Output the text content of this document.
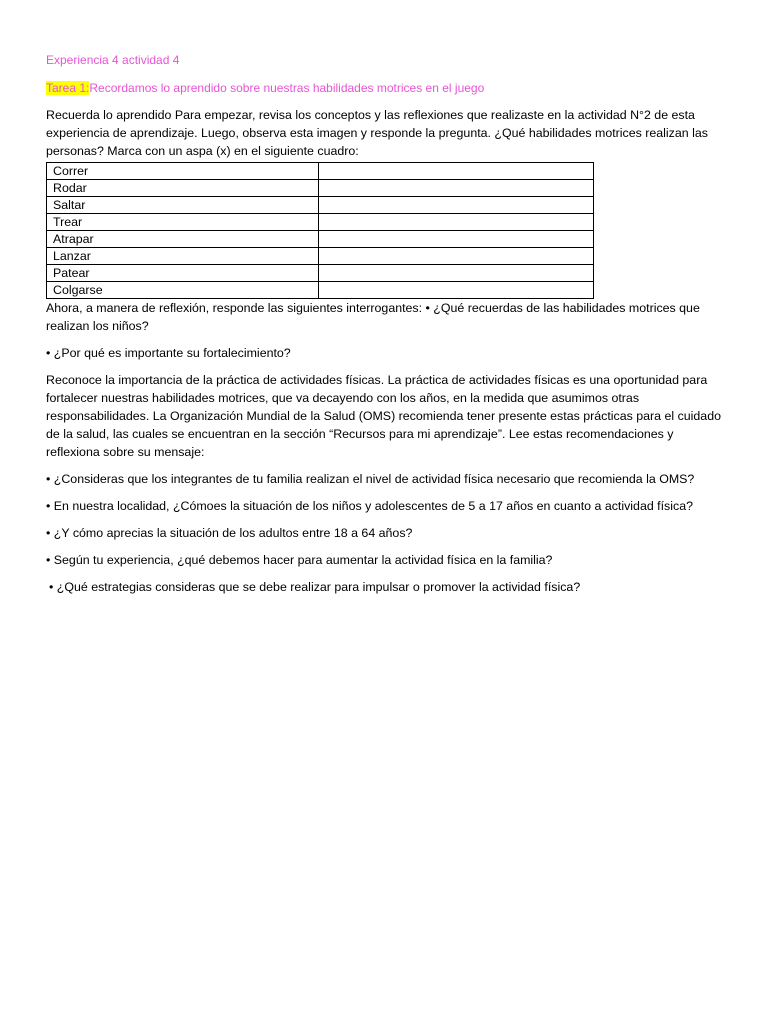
Experiencia 4 actividad 4

Tarea 1:Recordamos lo aprendido sobre nuestras habilidades motrices en el juego

Recuerda lo aprendido Para empezar, revisa los conceptos y las reflexiones que realizaste en la actividad N°2 de esta experiencia de aprendizaje. Luego, observa esta imagen y responde la pregunta. ¿Qué habilidades motrices realizan las personas? Marca con un aspa (x) en el siguiente cuadro:

Correr	
Rodar	
Saltar	
Trear	
Atrapar	
Lanzar	
Patear	
Colgarse	

Ahora, a manera de reflexión, responde las siguientes interrogantes: • ¿Qué recuerdas de las habilidades motrices que realizan los niños?

• ¿Por qué es importante su fortalecimiento?

Reconoce la importancia de la práctica de actividades físicas. La práctica de actividades físicas es una oportunidad para fortalecer nuestras habilidades motrices, que va decayendo con los años, en la medida que asumimos otras responsabilidades. La Organización Mundial de la Salud (OMS) recomienda tener presente estas prácticas para el cuidado de la salud, las cuales se encuentran en la sección “Recursos para mi aprendizaje”. Lee estas recomendaciones y reflexiona sobre su mensaje:

• ¿Consideras que los integrantes de tu familia realizan el nivel de actividad física necesario que recomienda la OMS?

• En nuestra localidad, ¿Cómoes la situación de los niños y adolescentes de 5 a 17 años en cuanto a actividad física?

• ¿Y cómo aprecias la situación de los adultos entre 18 a 64 años?

• Según tu experiencia, ¿qué debemos hacer para aumentar la actividad física en la familia?

• ¿Qué estrategias consideras que se debe realizar para impulsar o promover la actividad física?
